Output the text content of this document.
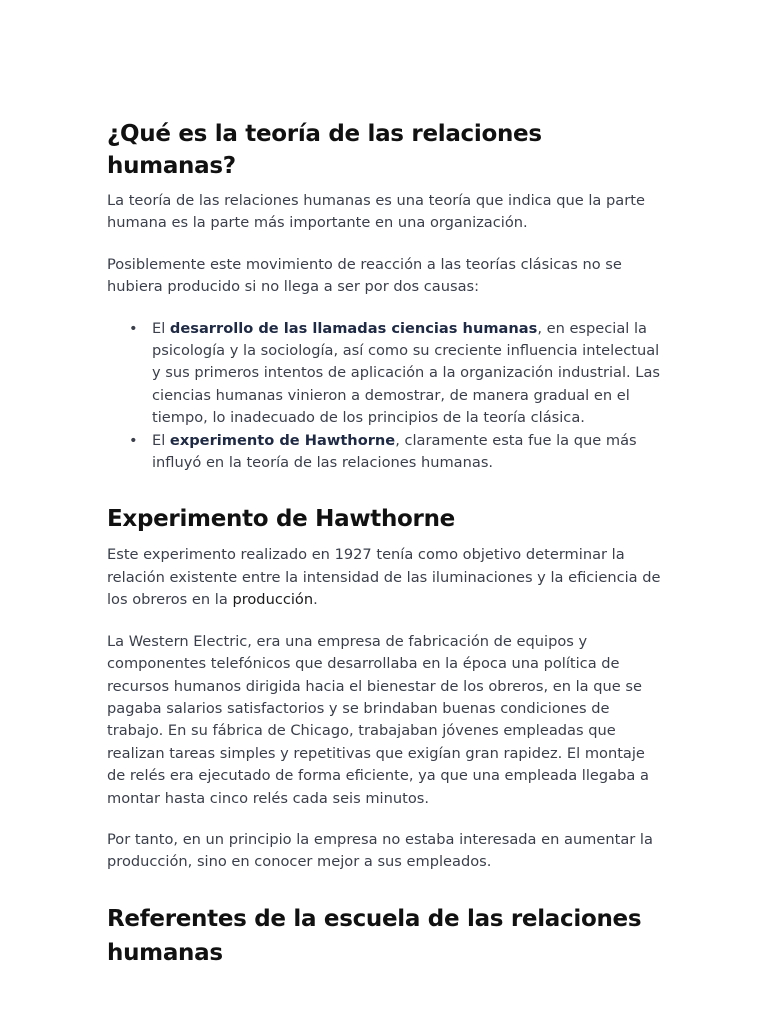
¿Qué es la teoría de las relaciones humanas?

La teoría de las relaciones humanas es una teoría que indica que la parte humana es la parte más importante en una organización.

Posiblemente este movimiento de reacción a las teorías clásicas no se hubiera producido si no llega a ser por dos causas:

• El desarrollo de las llamadas ciencias humanas, en especial la psicología y la sociología, así como su creciente influencia intelectual y sus primeros intentos de aplicación a la organización industrial. Las ciencias humanas vinieron a demostrar, de manera gradual en el tiempo, lo inadecuado de los principios de la teoría clásica.
• El experimento de Hawthorne, claramente esta fue la que más influyó en la teoría de las relaciones humanas.
Experimento de Hawthorne

Este experimento realizado en 1927 tenía como objetivo determinar la relación existente entre la intensidad de las iluminaciones y la eficiencia de los obreros en la producción.

La Western Electric, era una empresa de fabricación de equipos y componentes telefónicos que desarrollaba en la época una política de recursos humanos dirigida hacia el bienestar de los obreros, en la que se pagaba salarios satisfactorios y se brindaban buenas condiciones de trabajo. En su fábrica de Chicago, trabajaban jóvenes empleadas que realizan tareas simples y repetitivas que exigían gran rapidez. El montaje de relés era ejecutado de forma eficiente, ya que una empleada llegaba a montar hasta cinco relés cada seis minutos.

Por tanto, en un principio la empresa no estaba interesada en aumentar la producción, sino en conocer mejor a sus empleados.

Referentes de la escuela de las relaciones humanas
